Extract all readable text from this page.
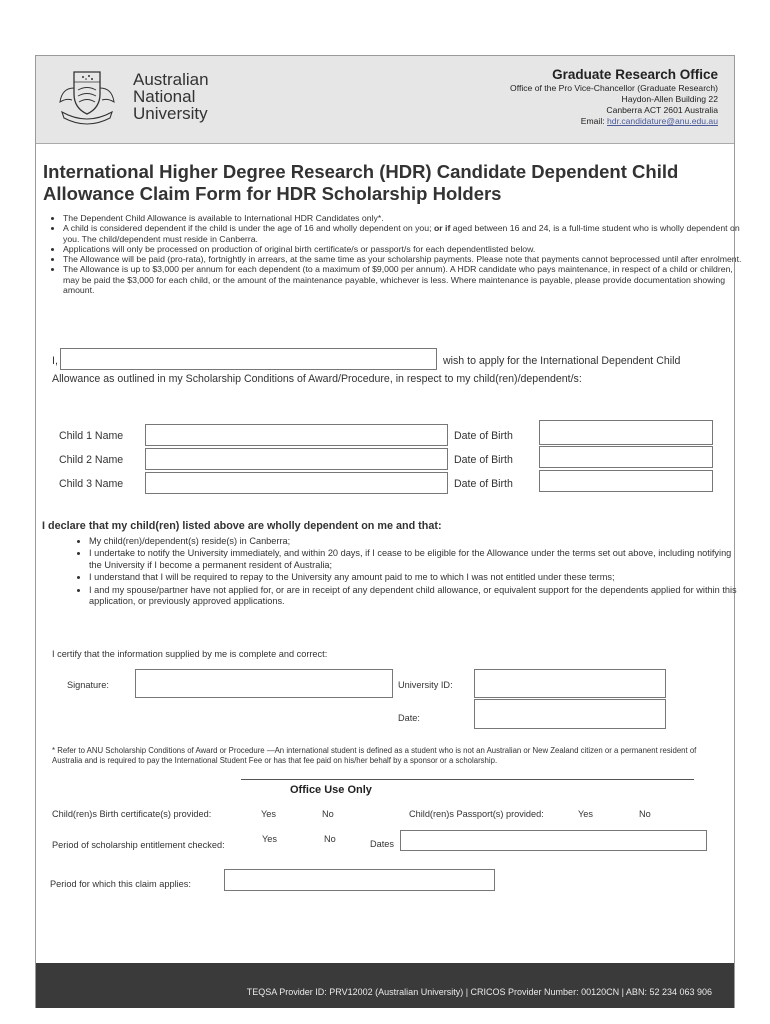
Australian
National
University
Graduate Research Office
Office of the Pro Vice-Chancellor (Graduate Research)
Haydon-Allen Building 22
Canberra ACT 2601 Australia
Email: hdr.candidature@anu.edu.au
International Higher Degree Research (HDR) Candidate Dependent Child Allowance Claim Form for HDR Scholarship Holders
• The Dependent Child Allowance is available to International HDR Candidates only*.
• A child is considered dependent if the child is under the age of 16 and wholly dependent on you; or if aged between 16 and 24, is a full-time student who is wholly dependent on you. The child/dependent must reside in Canberra.
• Applications will only be processed on production of original birth certificate/s or passport/s for each dependentlisted below.
• The Allowance will be paid (pro-rata), fortnightly in arrears, at the same time as your scholarship payments. Please note that payments cannot beprocessed until after enrolment.
• The Allowance is up to $3,000 per annum for each dependent (to a maximum of $9,000 per annum). A HDR candidate who pays maintenance, in respect of a child or children, may be paid the $3,000 for each child, or the amount of the maintenance payable, whichever is less. Where maintenance is payable, please provide documentation showing amount.
I,	wish to apply for the International Dependent Child
Allowance as outlined in my Scholarship Conditions of Award/Procedure, in respect to my child(ren)/dependent/s:
Child 1 Name	Date of Birth
Child 2 Name	Date of Birth
Child 3 Name	Date of Birth
I declare that my child(ren) listed above are wholly dependent on me and that:
• My child(ren)/dependent(s) reside(s) in Canberra;
• I undertake to notify the University immediately, and within 20 days, if I cease to be eligible for the Allowance under the terms set out above, including notifying the University if I become a permanent resident of Australia;
• I understand that I will be required to repay to the University any amount paid to me to which I was not entitled under these terms;
• I and my spouse/partner have not applied for, or are in receipt of any dependent child allowance, or equivalent support for the dependents applied for within this application, or previously approved applications.
I certify that the information supplied by me is complete and correct:
Signature:	University ID:
Date:
* Refer to ANU Scholarship Conditions of Award or Procedure —An international student is defined as a student who is not an Australian or New Zealand citizen or a permanent resident of Australia and is required to pay the International Student Fee or has that fee paid on his/her behalf by a sponsor or a scholarship.
Office Use Only
Child(ren)s Birth certificate(s) provided:	Yes	No	Child(ren)s Passport(s) provided:	Yes	No
Period of scholarship entitlement checked:
Yes	No	Dates
Period for which this claim applies:
TEQSA Provider ID: PRV12002 (Australian University) | CRICOS Provider Number: 00120CN | ABN: 52 234 063 906
